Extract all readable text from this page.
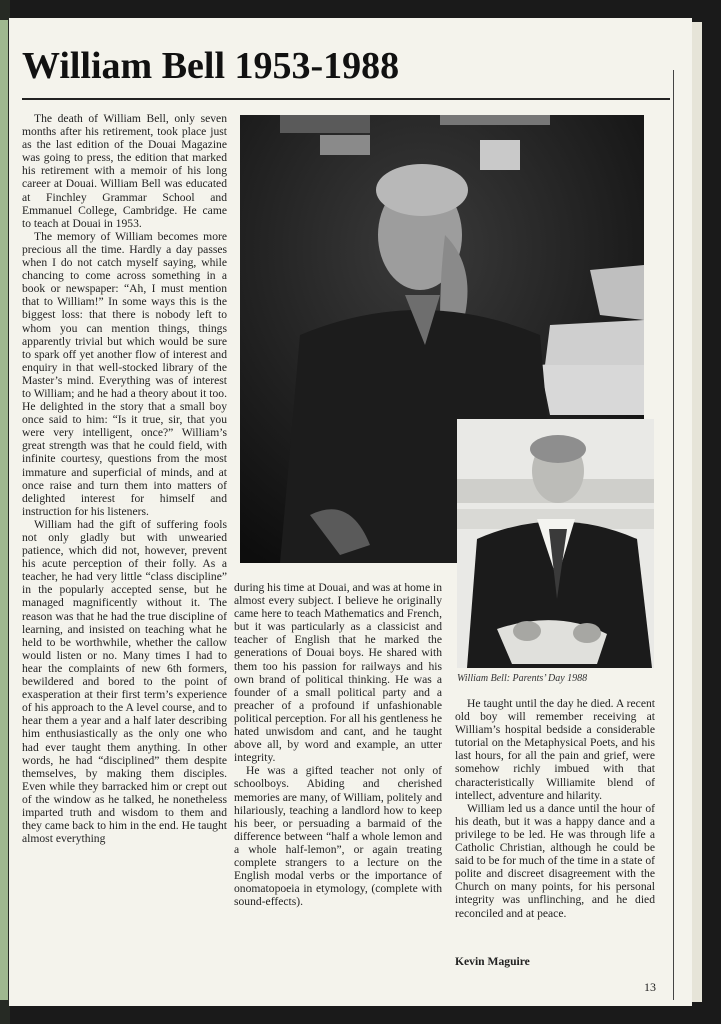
William Bell 1953-1988

The death of William Bell, only seven months after his retirement, took place just as the last edition of the Douai Magazine was going to press, the edition that marked his retirement with a memoir of his long career at Douai. William Bell was educated at Finchley Grammar School and Emmanuel College, Cambridge. He came to teach at Douai in 1953.

The memory of William becomes more precious all the time. Hardly a day passes when I do not catch myself saying, while chancing to come across something in a book or newspaper: “Ah, I must mention that to William!” In some ways this is the biggest loss: that there is nobody left to whom you can mention things, things apparently trivial but which would be sure to spark off yet another flow of interest and enquiry in that well-stocked library of the Master’s mind. Everything was of interest to William; and he had a theory about it too. He delighted in the story that a small boy once said to him: “Is it true, sir, that you were very intelligent, once?” William’s great strength was that he could field, with infinite courtesy, questions from the most immature and superficial of minds, and at once raise and turn them into matters of delighted interest for himself and instruction for his listeners.

William had the gift of suffering fools not only gladly but with unwearied patience, which did not, however, prevent his acute perception of their folly. As a teacher, he had very little “class discipline” in the popularly accepted sense, but he managed magnificently without it. The reason was that he had the true discipline of learning, and insisted on teaching what he held to be worthwhile, whether the callow would listen or no. Many times I had to hear the complaints of new 6th formers, bewildered and bored to the point of exasperation at their first term’s experience of his approach to the A level course, and to hear them a year and a half later describing him enthusiastically as the only one who had ever taught them anything. In other words, he had “disciplined” them despite themselves, by making them disciples. Even while they barracked him or crept out of the window as he talked, he nonetheless imparted truth and wisdom to them and they came back to him in the end. He taught almost everything

William Bell: Parents’ Day 1988

during his time at Douai, and was at home in almost every subject. I believe he originally came here to teach Mathematics and French, but it was particularly as a classicist and teacher of English that he marked the generations of Douai boys. He shared with them too his passion for railways and his own brand of political thinking. He was a founder of a small political party and a preacher of a profound if unfashionable political perception. For all his gentleness he hated unwisdom and cant, and he taught above all, by word and example, an utter integrity.

He was a gifted teacher not only of schoolboys. Abiding and cherished memories are many, of William, politely and hilariously, teaching a landlord how to keep his beer, or persuading a barmaid of the difference between “half a whole lemon and a whole half-lemon”, or again treating complete strangers to a lecture on the English modal verbs or the importance of onomatopoeia in etymology, (complete with sound-effects).

He taught until the day he died. A recent old boy will remember receiving at William’s hospital bedside a considerable tutorial on the Metaphysical Poets, and his last hours, for all the pain and grief, were somehow richly imbued with that characteristically Williamite blend of intellect, adventure and hilarity.

William led us a dance until the hour of his death, but it was a happy dance and a privilege to be led. He was through life a Catholic Christian, although he could be said to be for much of the time in a state of polite and discreet disagreement with the Church on many points, for his personal integrity was unflinching, and he died reconciled and at peace.

Kevin Maguire
13
